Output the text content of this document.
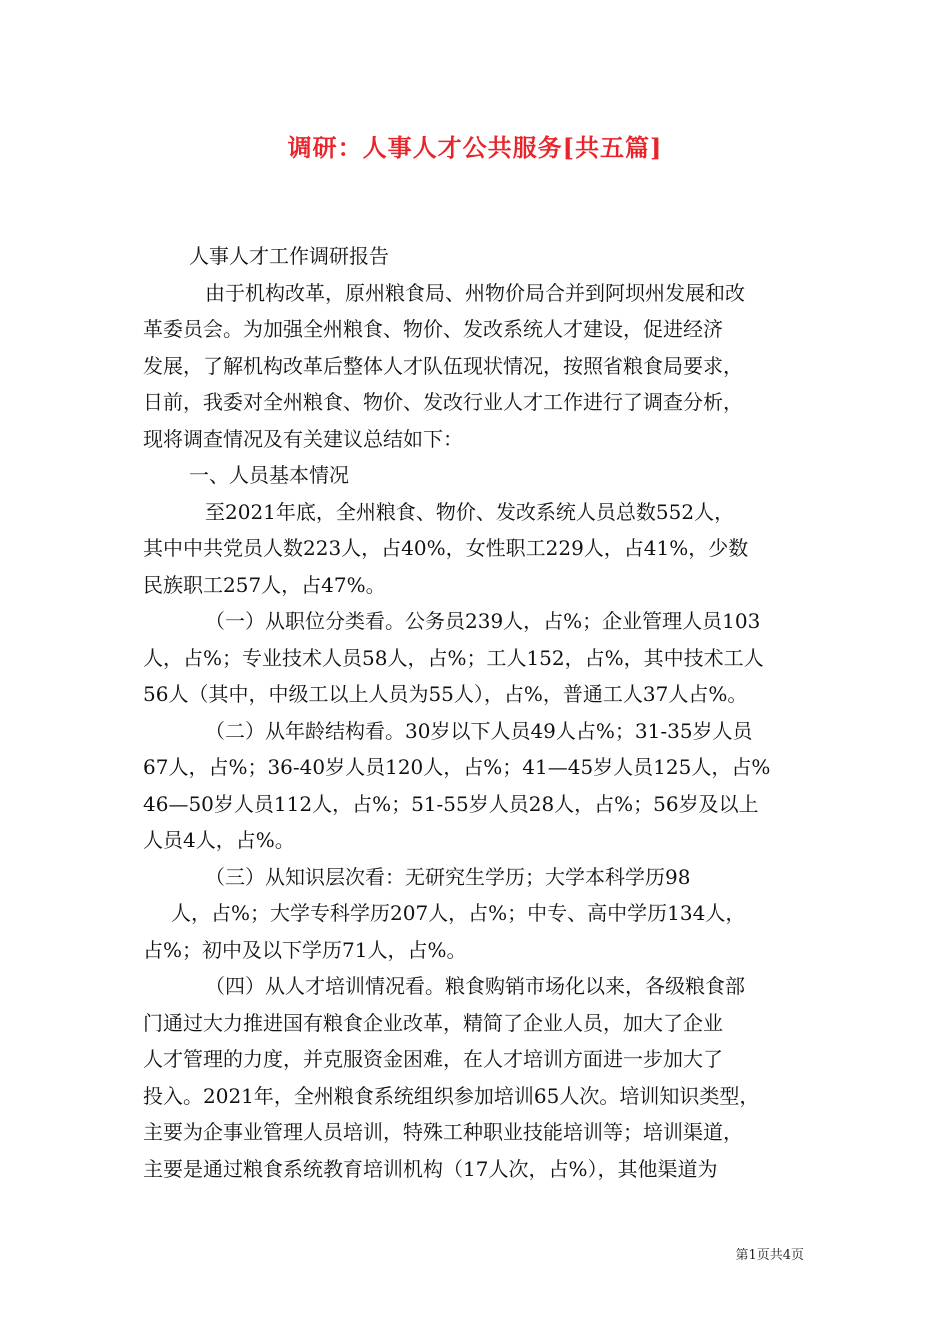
调研：人事人才公共服务[共五篇]
人事人才工作调研报告
由于机构改革，原州粮食局、州物价局合并到阿坝州发展和改
革委员会。为加强全州粮食、物价、发改系统人才建设，促进经济
发展，了解机构改革后整体人才队伍现状情况，按照省粮食局要求，
日前，我委对全州粮食、物价、发改行业人才工作进行了调查分析，
现将调查情况及有关建议总结如下：
一、人员基本情况
至2021年底，全州粮食、物价、发改系统人员总数552人，
其中中共党员人数223人，占40%，女性职工229人，占41%，少数
民族职工257人，占47%。
（一）从职位分类看。公务员239人，占%；企业管理人员103
人，占%；专业技术人员58人，占%；工人152，占%，其中技术工人
56人（其中，中级工以上人员为55人），占%，普通工人37人占%。
（二）从年龄结构看。30岁以下人员49人占%；31-35岁人员
67人，占%；36-40岁人员120人，占%；41—45岁人员125人，占%
46—50岁人员112人，占%；51-55岁人员28人，占%；56岁及以上
人员4人，占%。
（三）从知识层次看：无研究生学历；大学本科学历98
人，占%；大学专科学历207人，占%；中专、高中学历134人，
占%；初中及以下学历71人，占%。
（四）从人才培训情况看。粮食购销市场化以来，各级粮食部
门通过大力推进国有粮食企业改革，精简了企业人员，加大了企业
人才管理的力度，并克服资金困难，在人才培训方面进一步加大了
投入。2021年，全州粮食系统组织参加培训65人次。培训知识类型，
主要为企事业管理人员培训，特殊工种职业技能培训等；培训渠道，
主要是通过粮食系统教育培训机构（17人次，占%），其他渠道为
第1页共4页
